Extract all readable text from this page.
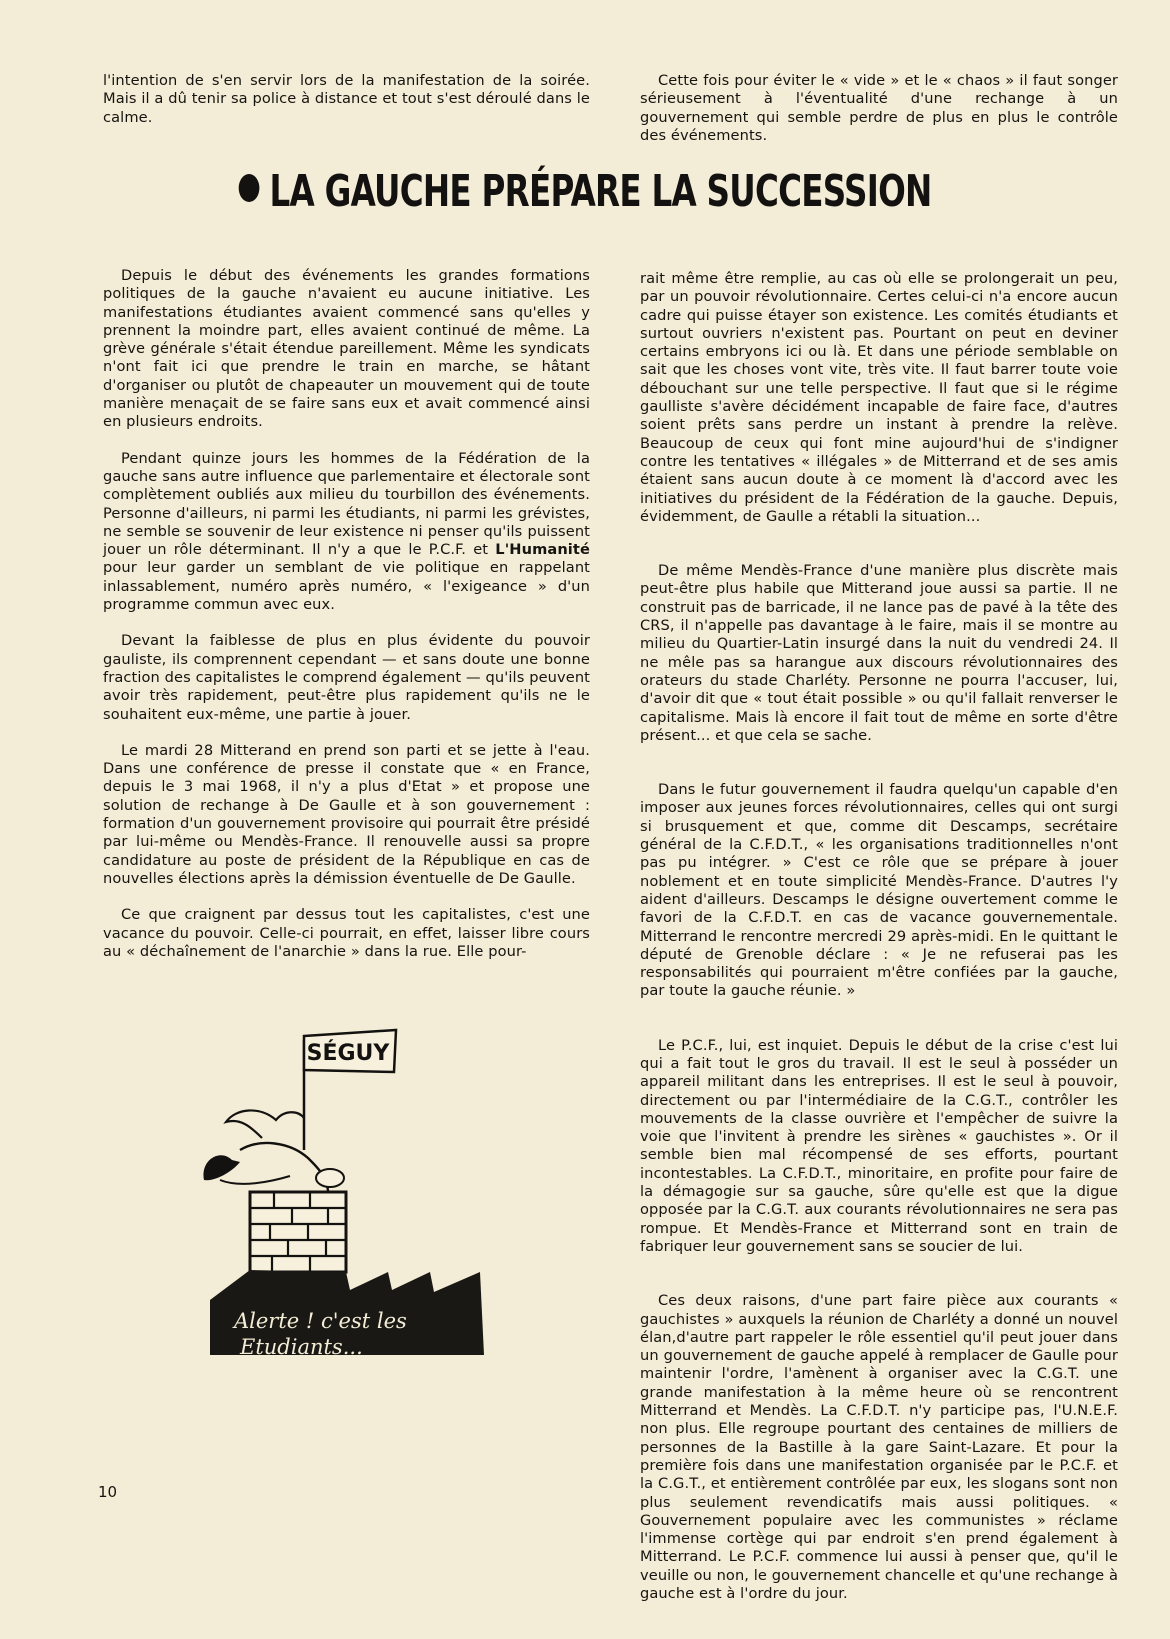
l'intention de s'en servir lors de la manifestation de la soirée. Mais il a dû tenir sa police à distance et tout s'est déroulé dans le calme.

Cette fois pour éviter le « vide » et le « chaos » il faut songer sérieusement à l'éventualité d'une rechange à un gouvernement qui semble perdre de plus en plus le contrôle des événements.

LA GAUCHE PRÉPARE LA SUCCESSION

Depuis le début des événements les grandes formations politiques de la gauche n'avaient eu aucune initiative. Les manifestations étudiantes avaient commencé sans qu'elles y prennent la moindre part, elles avaient continué de même. La grève générale s'était étendue pareillement. Même les syndicats n'ont fait ici que prendre le train en marche, se hâtant d'organiser ou plutôt de chapeauter un mouvement qui de toute manière menaçait de se faire sans eux et avait commencé ainsi en plusieurs endroits.

Pendant quinze jours les hommes de la Fédération de la gauche sans autre influence que parlementaire et électorale sont complètement oubliés aux milieu du tourbillon des événements. Personne d'ailleurs, ni parmi les étudiants, ni parmi les grévistes, ne semble se souvenir de leur existence ni penser qu'ils puissent jouer un rôle déterminant. Il n'y a que le P.C.F. et L'Humanité pour leur garder un semblant de vie politique en rappelant inlassablement, numéro après numéro, « l'exigeance » d'un programme commun avec eux.

Devant la faiblesse de plus en plus évidente du pouvoir gauliste, ils comprennent cependant — et sans doute une bonne fraction des capitalistes le comprend également — qu'ils peuvent avoir très rapidement, peut-être plus rapidement qu'ils ne le souhaitent eux-même, une partie à jouer.

Le mardi 28 Mitterand en prend son parti et se jette à l'eau. Dans une conférence de presse il constate que « en France, depuis le 3 mai 1968, il n'y a plus d'Etat » et propose une solution de rechange à De Gaulle et à son gouvernement : formation d'un gouvernement provisoire qui pourrait être présidé par lui-même ou Mendès-France. Il renouvelle aussi sa propre candidature au poste de président de la République en cas de nouvelles élections après la démission éventuelle de De Gaulle.

Ce que craignent par dessus tout les capitalistes, c'est une vacance du pouvoir. Celle-ci pourrait, en effet, laisser libre cours au « déchaînement de l'anarchie » dans la rue. Elle pour-

rait même être remplie, au cas où elle se prolongerait un peu, par un pouvoir révolutionnaire. Certes celui-ci n'a encore aucun cadre qui puisse étayer son existence. Les comités étudiants et surtout ouvriers n'existent pas. Pourtant on peut en deviner certains embryons ici ou là. Et dans une période semblable on sait que les choses vont vite, très vite. Il faut barrer toute voie débouchant sur une telle perspective. Il faut que si le régime gaulliste s'avère décidément incapable de faire face, d'autres soient prêts sans perdre un instant à prendre la relève. Beaucoup de ceux qui font mine aujourd'hui de s'indigner contre les tentatives « illégales » de Mitterrand et de ses amis étaient sans aucun doute à ce moment là d'accord avec les initiatives du président de la Fédération de la gauche. Depuis, évidemment, de Gaulle a rétabli la situation...

De même Mendès-France d'une manière plus discrète mais peut-être plus habile que Mitterand joue aussi sa partie. Il ne construit pas de barricade, il ne lance pas de pavé à la tête des CRS, il n'appelle pas davantage à le faire, mais il se montre au milieu du Quartier-Latin insurgé dans la nuit du vendredi 24. Il ne mêle pas sa harangue aux discours révolutionnaires des orateurs du stade Charléty. Personne ne pourra l'accuser, lui, d'avoir dit que « tout était possible » ou qu'il fallait renverser le capitalisme. Mais là encore il fait tout de même en sorte d'être présent... et que cela se sache.

Dans le futur gouvernement il faudra quelqu'un capable d'en imposer aux jeunes forces révolutionnaires, celles qui ont surgi si brusquement et que, comme dit Descamps, secrétaire général de la C.F.D.T., « les organisations traditionnelles n'ont pas pu intégrer. » C'est ce rôle que se prépare à jouer noblement et en toute simplicité Mendès-France. D'autres l'y aident d'ailleurs. Descamps le désigne ouvertement comme le favori de la C.F.D.T. en cas de vacance gouvernementale. Mitterrand le rencontre mercredi 29 après-midi. En le quittant le député de Grenoble déclare : « Je ne refuserai pas les responsabilités qui pourraient m'être confiées par la gauche, par toute la gauche réunie. »

Le P.C.F., lui, est inquiet. Depuis le début de la crise c'est lui qui a fait tout le gros du travail. Il est le seul à posséder un appareil militant dans les entreprises. Il est le seul à pouvoir, directement ou par l'intermédiaire de la C.G.T., contrôler les mouvements de la classe ouvrière et l'empêcher de suivre la voie que l'invitent à prendre les sirènes « gauchistes ». Or il semble bien mal récompensé de ses efforts, pourtant incontestables. La C.F.D.T., minoritaire, en profite pour faire de la démagogie sur sa gauche, sûre qu'elle est que la digue opposée par la C.G.T. aux courants révolutionnaires ne sera pas rompue. Et Mendès-France et Mitterrand sont en train de fabriquer leur gouvernement sans se soucier de lui.

Ces deux raisons, d'une part faire pièce aux courants « gauchistes » auxquels la réunion de Charléty a donné un nouvel élan,d'autre part rappeler le rôle essentiel qu'il peut jouer dans un gouvernement de gauche appelé à remplacer de Gaulle pour maintenir l'ordre, l'amènent à organiser avec la C.G.T. une grande manifestation à la même heure où se rencontrent Mitterrand et Mendès. La C.F.D.T. n'y participe pas, l'U.N.E.F. non plus. Elle regroupe pourtant des centaines de milliers de personnes de la Bastille à la gare Saint-Lazare. Et pour la première fois dans une manifestation organisée par le P.C.F. et la C.G.T., et entièrement contrôlée par eux, les slogans sont non plus seulement revendicatifs mais aussi politiques. « Gouvernement populaire avec les communistes » réclame l'immense cortège qui par endroit s'en prend également à Mitterrand. Le P.C.F. commence lui aussi à penser que, qu'il le veuille ou non, le gouvernement chancelle et qu'une rechange à gauche est à l'ordre du jour.

SÉGUY
Alerte ! c'est les
Etudiants...
10
